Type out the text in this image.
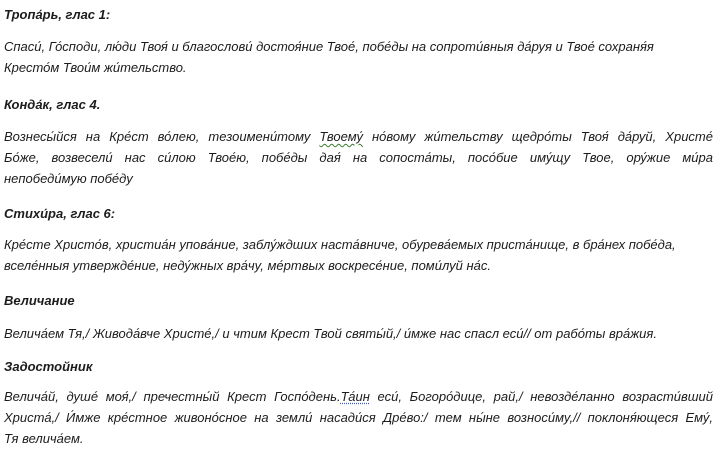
Тропа́рь, глас 1:

Спаси́, Го́споди, лю́ди Твоя́ и благослови́ достоя́ние Твое́, побе́ды на сопроти́вныя да́руя и Твое́ сохраня́я
Кресто́м Твои́м жи́тельство.

Конда́к, глас 4.

Вознесы́йся на Кре́ст во́лею, тезоимени́тому Твоему́ но́вому жи́тельству щедро́ты Твоя́ да́руй, Христе́
Бо́же, возвесели́ нас си́лою Твое́ю, побе́ды дая́ на сопоста́ты, посо́бие иму́щу Твое, ору́жие ми́ра
непобеди́мую побе́ду

Стихи́ра, глас 6:

Кре́сте Христо́в, христиа́н упова́ние, заблу́ждших наста́вниче, обурева́емых приста́нище, в бра́нех побе́да,
вселе́нныя утвержде́ние, неду́жных вра́чу, ме́ртвых воскресе́ние, поми́луй на́с.

Величание

Велича́ем Тя,/ Живода́вче Христе́,/ и чтим Крест Твой святы́й,/ и́мже нас спасл еси́// от рабо́ты вра́жия.

Задостойник

Велича́й, душе́ моя́,/ пречестны́й Крест Госпо́день.Та́ин еси́, Богоро́дице, рай,/ невозде́ланно возрасти́вший
Христа́,/ И́мже кре́стное живоно́сное на земли́ насади́ся Дре́во:/ тем ны́не возноси́му,// поклоня́ющеся Ему́,
Тя велича́ем.
